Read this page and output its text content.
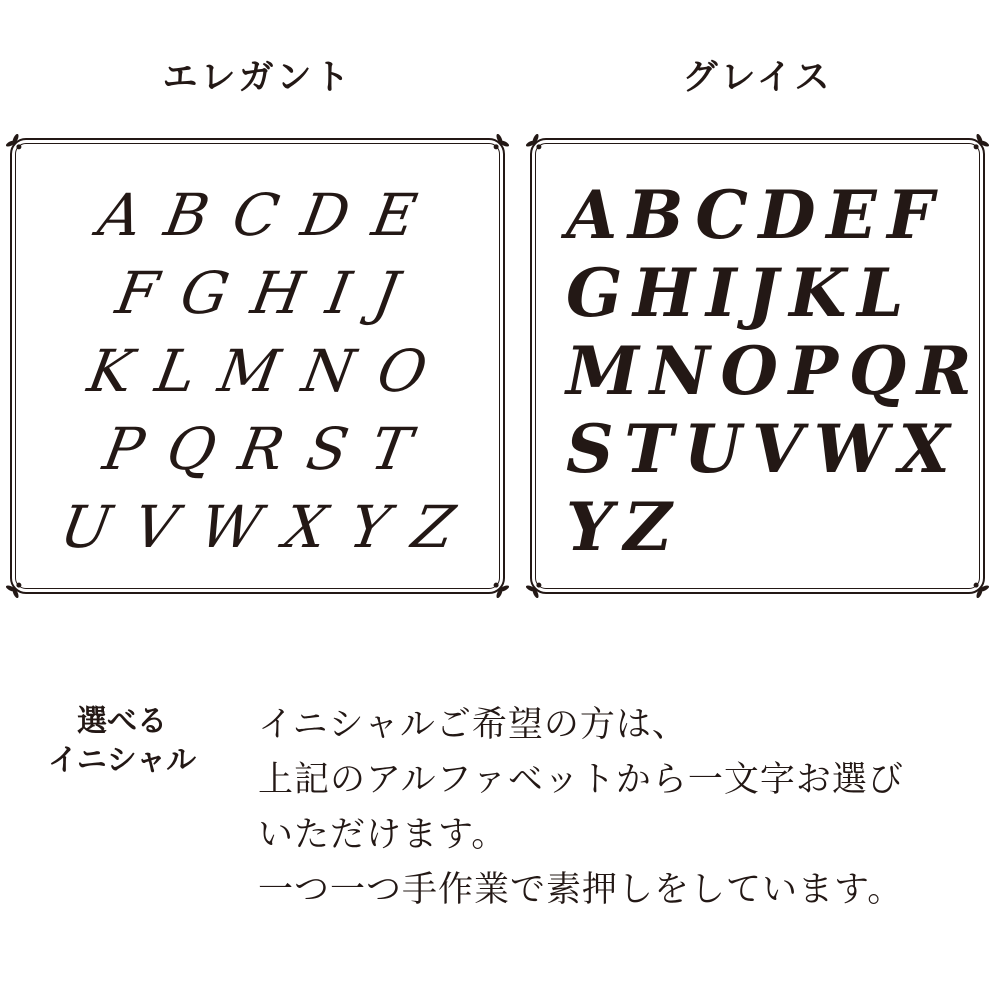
エレガント	グレイス
ABCDE
FGHIJ
KLMNO
PQRST
UVWXYZ
ABCDEF
GHIJKL
MNOPQR
STUVWX
YZ
選べる
イニシャル
イニシャルご希望の方は、
上記のアルファベットから一文字お選び
いただけます。
一つ一つ手作業で素押しをしています。
